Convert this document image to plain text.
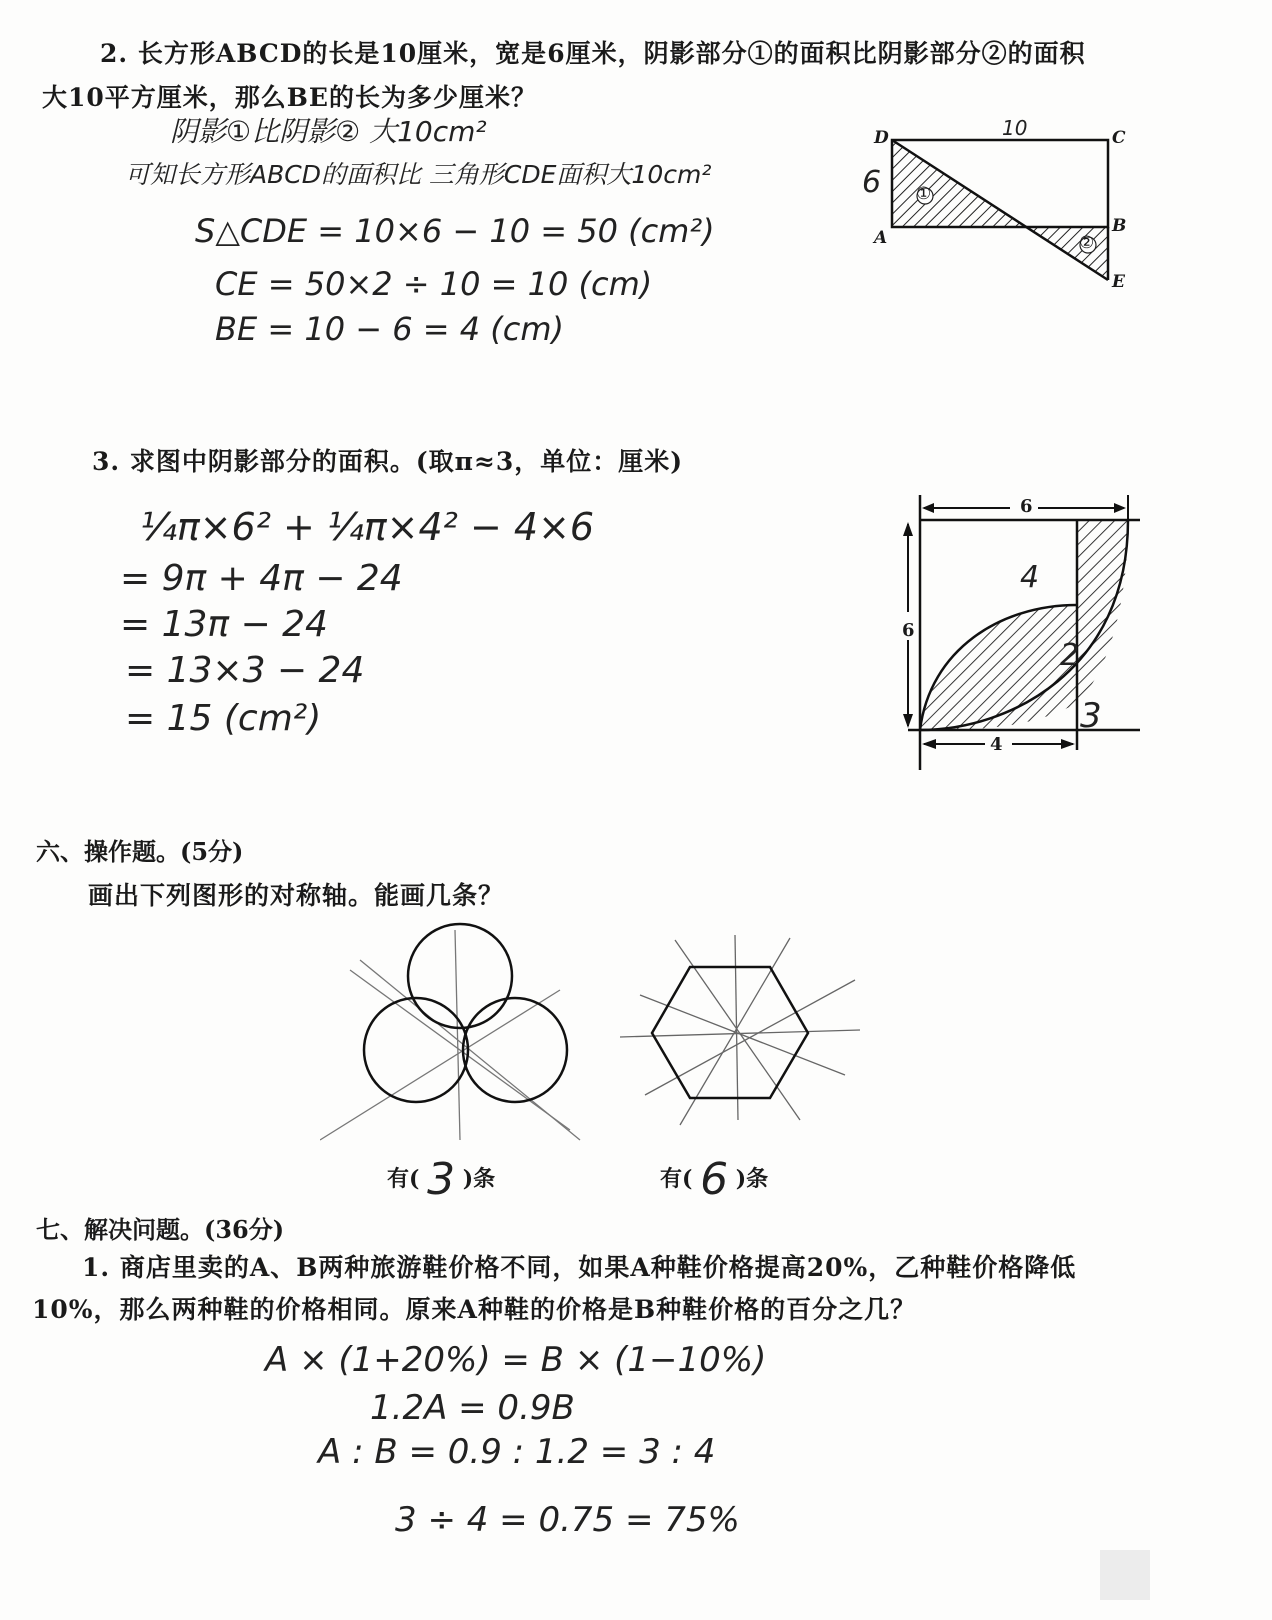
2. 长方形ABCD的长是10厘米，宽是6厘米，阴影部分①的面积比阴影部分②的面积
大10平方厘米，那么BE的长为多少厘米？
阴影①比阴影② 大10cm²
可知长方形ABCD的面积比 三角形CDE面积大10cm²
S△CDE = 10×6 − 10 = 50 (cm²)
CE = 50×2 ÷ 10 = 10 (cm)
BE = 10 − 6 = 4 (cm)
①
②
D	C
A
B
E
10
6

3. 求图中阴影部分的面积。(取π≈3，单位：厘米)
¼π×6² + ¼π×4² − 4×6
= 9π + 4π − 24
= 13π − 24
= 13×3 − 24
= 15 (cm²)
6
6
4
4
2
3
六、操作题。(5分)
画出下列图形的对称轴。能画几条？
有( 3 )条	有( 6 )条
七、解决问题。(36分)
1. 商店里卖的A、B两种旅游鞋价格不同，如果A种鞋价格提高20%，乙种鞋价格降低
10%，那么两种鞋的价格相同。原来A种鞋的价格是B种鞋价格的百分之几？
A × (1+20%) = B × (1−10%)
1.2A = 0.9B
A : B = 0.9 : 1.2 = 3 : 4
3 ÷ 4 = 0.75 = 75%
